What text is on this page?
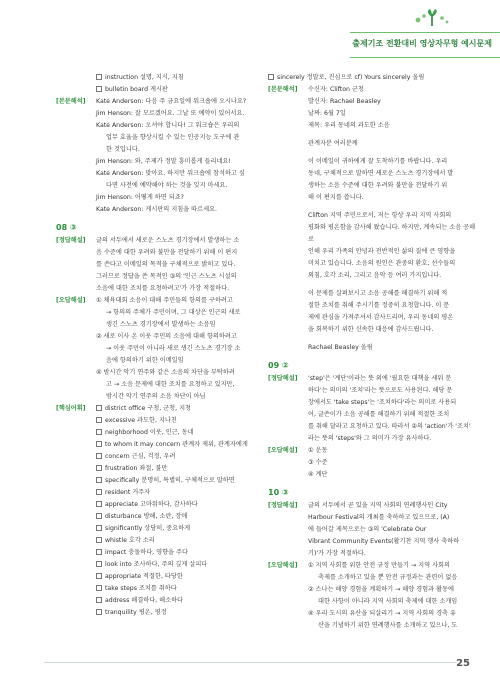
출제기조 전환대비 영상자무형 예시문제
instruction 설명, 지시, 지침
bulletin board 게시판
[본문해석] Kate Anderson: 다음 주 금요일에 워크숍에 오시나요?
Jim Henson: 잘 모르겠어요. 그날 또 예약이 있어서요.
Kate Anderson: 오셔야 합니다! 그 워크숍은 우리의
업무 효율을 향상시킬 수 있는 인공지능 도구에 관
한 것입니다.
Jim Henson: 와, 주제가 정말 흥미롭게 들리네요!
Kate Anderson: 맞아요. 하지만 워크숍에 참석하고 싶
다면 사전에 예약해야 하는 것을 잊지 마세요.
Jim Henson: 어떻게 하면 되죠?
Kate Anderson: 게시판의 지침을 따르세요.
08 ③
[정답해설] 글의 서두에서 새로운 스노츠 경기장에서 발생하는 소
음 수준에 대한 우려와 불만을 전달하기 위해 이 편지
를 쓴다고 이메일의 목적을 구체적으로 밝히고 있다.
그러므로 정답을 쓴 목적인 ③의 '인근 스노츠 시설의
소음에 대한 조치를 요청하려고'가 가장 적절하다.
[오답해설] ① 체육대회 소음이 대해 주민들의 항의를 구하려고
→ 항의의 주체가 주민이며, 그 대상은 인근의 새로
생긴 스노츠 경기장에서 발생하는 소음임
② 새로 이사 온 이웃 주민의 소음에 대해 항의하려고
→ 이웃 주민이 아니라 새로 생긴 스노츠 경기장 소
음에 항의하기 위한 이메일임
④ 밤시간 악기 연주와 같은 소음의 차단을 부탁하려
고 → 소음 문제에 대한 조치를 요청하고 있지만,
밤시간 악기 연주의 소음 차단이 아님
[핵심어휘]	district office 구청, 군청, 지청
excessive 과도한, 지나친
neighborhood 이웃, 인근, 동네
to whom it may concern 관계자 제위, 관계자에게
concern 근심, 걱정, 우려
frustration 좌절, 불만
specifically 분명히, 특별히, 구체적으로 말하면
resident 거주자
appreciate 고마워하다, 감사하다
disturbance 방해, 소란, 장애
significantly 상당히, 중요하게
whistle 호각 소리
impact 충돌하다, 영향을 주다
look into 조사하다, 주의 깊게 살피다
appropriate 적절한, 타당한
take steps 조치를 취하다
address 해결하다, 해소하다
tranquility 평온, 평정
sincerely 정말로, 진심으로 cf) Yours sincerely 올림
[본문해석] 수신자: Clifton 군청
발신자: Rachael Beasley
날짜: 6월 7일
제목: 우리 동네의 과도한 소음
관계자분 여러분께
이 이메일이 귀하에게 잘 도착하기를 바랍니다. 우리
동네, 구체적으로 말하면 새로운 스노츠 경기장에서 발
생하는 소음 수준에 대한 우려와 불만을 전달하기 위
해 이 편지를 씁니다.
Clifton 지역 주민으로서, 저는 항상 우리 지역 사회의
평화와 평온함을 감사해 왔습니다. 하지만, 계속되는 소음 공해로
인해 우리 가족의 안녕과 전반적인 삶의 질에 큰 영향을
미치고 있습니다. 소음의 원인은 관중의 환호, 선수들의
외침, 호각 소리, 그리고 음악 등 여러 가지입니다.
이 문제를 살펴보시고 소음 공해를 해결하기 위해 적
절한 조치를 취해 주시기를 정중히 요청합니다. 이 문
제에 관심을 가져주셔서 감사드리며, 우리 동네의 평온
을 회복하기 위한 신속한 대응에 감사드립니다.
Rachael Beasley 올림
09 ②
[정답해설] 'step'은 '계단'이라는 뜻 외에 '필요한 대책을 세워 문
하다'는 의미의 '조치'라는 뜻으로도 사용된다. 해당 문
장에서도 'take steps'는 '조치하다'라는 의미로 사용되
어, 글쓴이가 소음 공해를 해결하기 위해 적절한 조치
를 취해 달라고 요청하고 있다. 따라서 ②의 'action'가 '조치'
라는 뜻의 'steps'와 그 의미가 가장 유사하다.
[오답해설] ① 운동
③ 수준
④ 계단
10 ③
[정답해설] 글의 서두에서 곧 있을 지역 사회의 연례행사인 City
Harbour Festival의 개최를 축하하고 있으므로, (A)
에 들어갈 제목으로는 ③의 'Celebrate Our
Vibrant Community Events(활기찬 지역 행사 축하하
기)'가 가장 적절하다.
[오답해설] ① 지역 사회를 위한 안전 규정 만들기 → 지역 사회의
축제를 소개하고 있을 뿐 안전 규정과는 관련이 없음
② 스나는 해양 경험을 계획하기 → 해양 경험과 활동에
대한 사항이 아니라 지역 사회의 축제에 대한 소개임
④ 우리 도시의 유산을 되살리기 → 지역 사회의 경축 유
산을 기념하기 위한 연례행사를 소개하고 있으나, 도
25
